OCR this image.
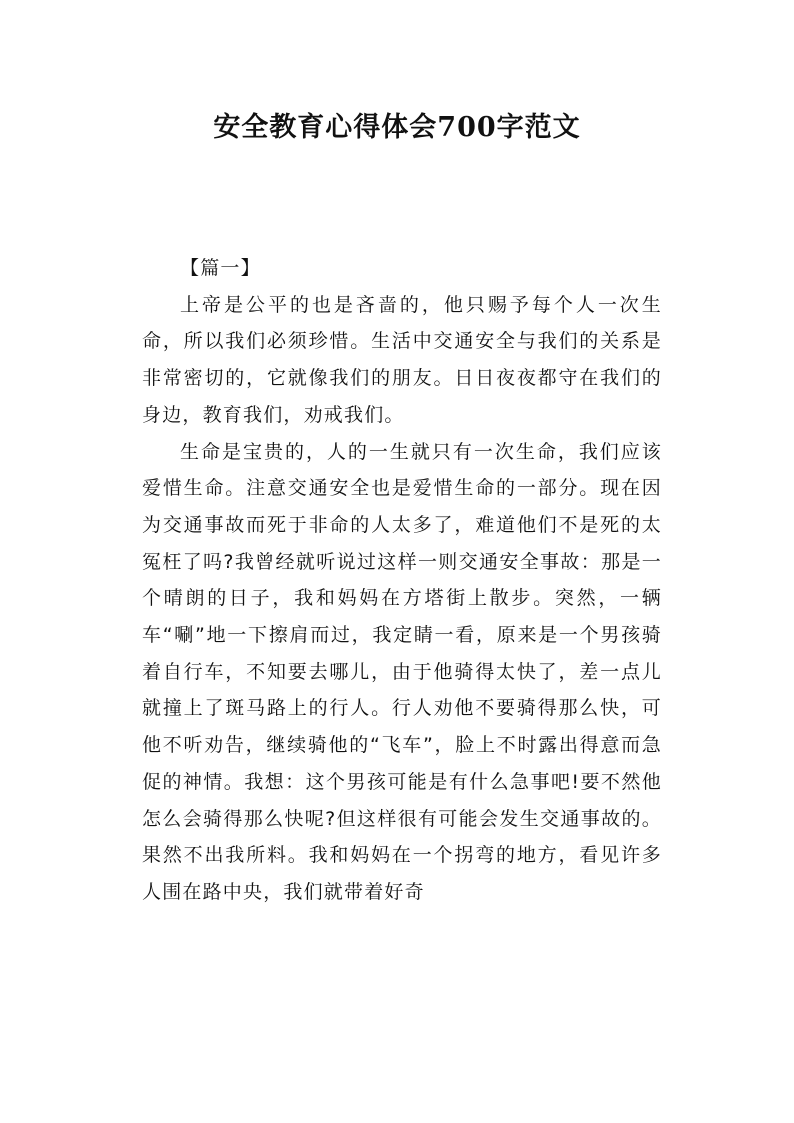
安全教育心得体会700字范文

【篇一】

上帝是公平的也是吝啬的，他只赐予每个人一次生命，所以我们必须珍惜。生活中交通安全与我们的关系是非常密切的，它就像我们的朋友。日日夜夜都守在我们的身边，教育我们，劝戒我们。

生命是宝贵的，人的一生就只有一次生命，我们应该爱惜生命。注意交通安全也是爱惜生命的一部分。现在因为交通事故而死于非命的人太多了，难道他们不是死的太冤枉了吗?我曾经就听说过这样一则交通安全事故：那是一个晴朗的日子，我和妈妈在方塔街上散步。突然，一辆车“唰”地一下擦肩而过，我定睛一看，原来是一个男孩骑着自行车，不知要去哪儿，由于他骑得太快了，差一点儿就撞上了斑马路上的行人。行人劝他不要骑得那么快，可他不听劝告，继续骑他的“飞车”，脸上不时露出得意而急促的神情。我想：这个男孩可能是有什么急事吧!要不然他怎么会骑得那么快呢?但这样很有可能会发生交通事故的。果然不出我所料。我和妈妈在一个拐弯的地方，看见许多人围在路中央，我们就带着好奇
